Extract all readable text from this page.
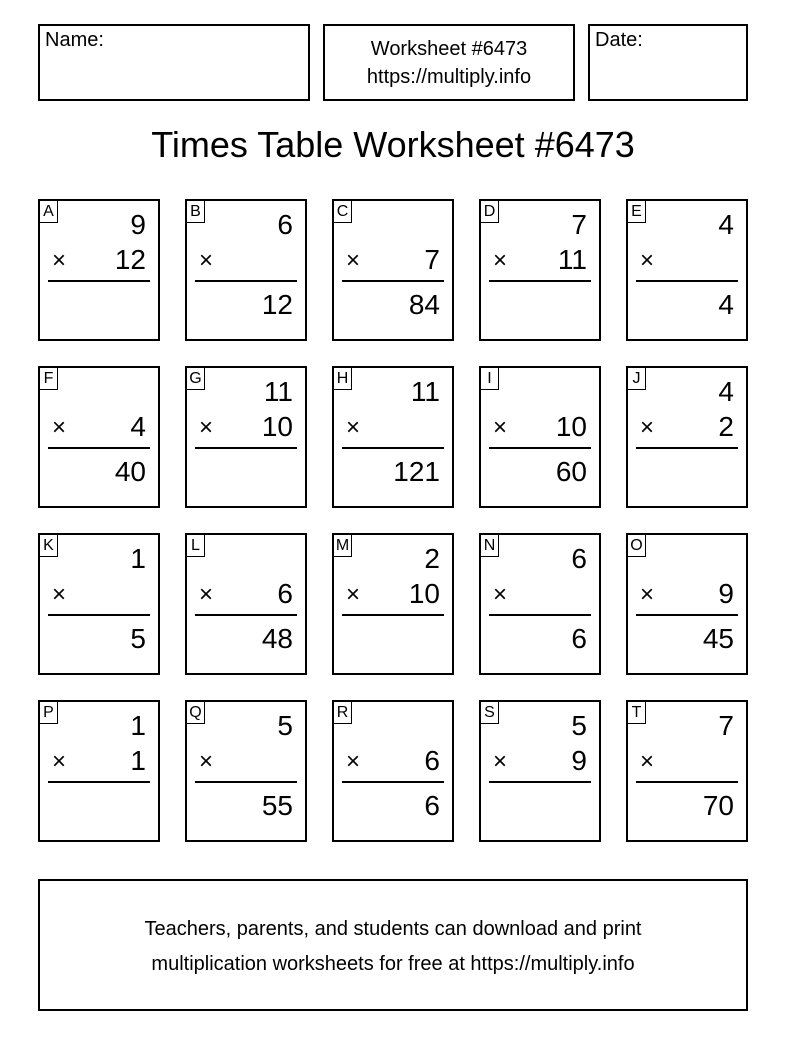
Name:	Worksheet #6473
https://multiply.info
Date:
Times Table Worksheet #6473
A	9
× 12
B	6
×
12
C
× 7
84
D	7
× 11
E	4
×
4
F
× 4
40
G 11
× 10
H 11
×
121
I
× 10
60
J	4
× 2
K	1
×
5
L
× 6
48
M	2
× 10
N	6
×
6
O
× 9
45
P	1
× 1
Q	5
×
55
R
× 6
6
S	5
× 9
T	7
×
70
Teachers, parents, and students can download and print
multiplication worksheets for free at https://multiply.info
